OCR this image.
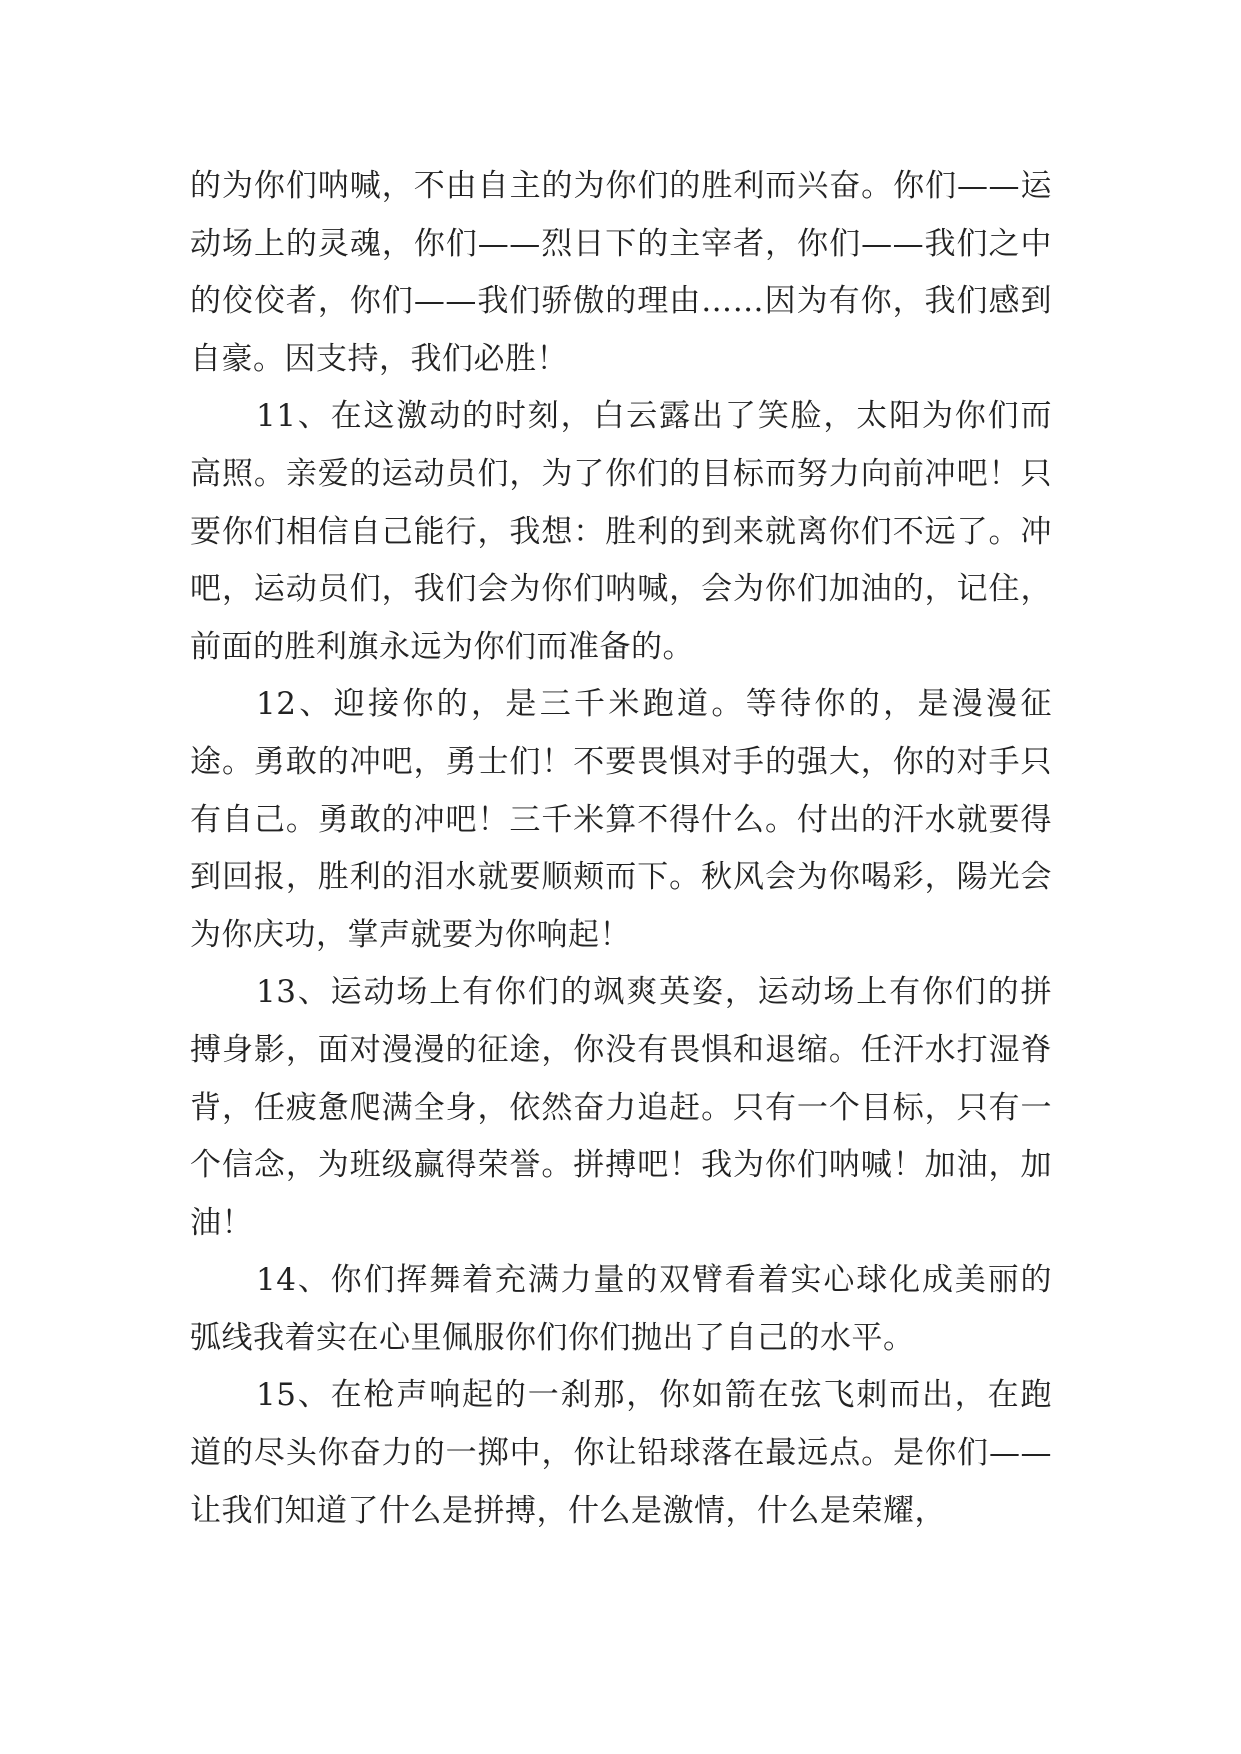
的为你们呐喊，不由自主的为你们的胜利而兴奋。你们——运动场上的灵魂，你们——烈日下的主宰者，你们——我们之中的佼佼者，你们——我们骄傲的理由……因为有你，我们感到自豪。因支持，我们必胜！

11、在这激动的时刻，白云露出了笑脸，太阳为你们而高照。亲爱的运动员们，为了你们的目标而努力向前冲吧！只要你们相信自己能行，我想：胜利的到来就离你们不远了。冲吧，运动员们，我们会为你们呐喊，会为你们加油的，记住，前面的胜利旗永远为你们而准备的。

12、迎接你的，是三千米跑道。等待你的，是漫漫征途。勇敢的冲吧，勇士们！不要畏惧对手的强大，你的对手只有自己。勇敢的冲吧！三千米算不得什么。付出的汗水就要得到回报，胜利的泪水就要顺颊而下。秋风会为你喝彩，陽光会为你庆功，掌声就要为你响起！

13、运动场上有你们的飒爽英姿，运动场上有你们的拼搏身影，面对漫漫的征途，你没有畏惧和退缩。任汗水打湿脊背，任疲惫爬满全身，依然奋力追赶。只有一个目标，只有一个信念，为班级赢得荣誉。拼搏吧！我为你们呐喊！加油，加油！

14、你们挥舞着充满力量的双臂看着实心球化成美丽的弧线我着实在心里佩服你们你们抛出了自己的水平。

15、在枪声响起的一刹那，你如箭在弦飞刺而出，在跑道的尽头你奋力的一掷中，你让铅球落在最远点。是你们——让我们知道了什么是拼搏，什么是激情，什么是荣耀，
